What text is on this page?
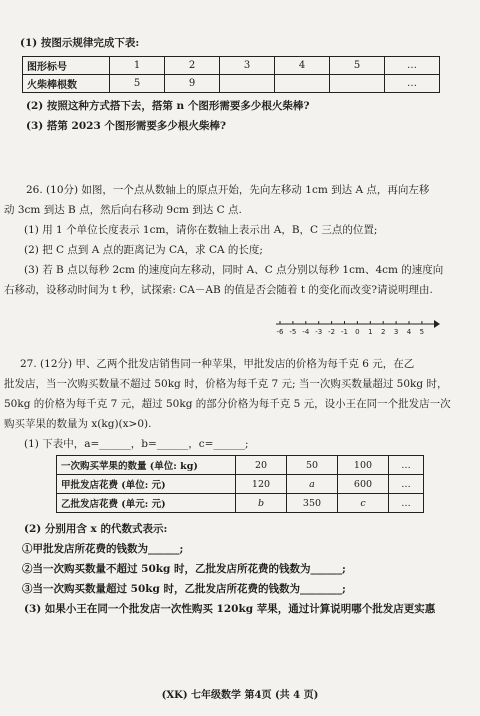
(1) 按图示规律完成下表:
图形标号	1	2	3	4	5	…
火柴棒根数	5	9				…
(2) 按照这种方式搭下去，搭第 n 个图形需要多少根火柴棒?
(3) 搭第 2023 个图形需要多少根火柴棒?
26. (10分) 如图，一个点从数轴上的原点开始，先向左移动 1cm 到达 A 点，再向左移
动 3cm 到达 B 点，然后向右移动 9cm 到达 C 点.
(1) 用 1 个单位长度表示 1cm，请你在数轴上表示出 A，B，C 三点的位置;
(2) 把 C 点到 A 点的距离记为 CA，求 CA 的长度;
(3) 若 B 点以每秒 2cm 的速度向左移动，同时 A、C 点分别以每秒 1cm、4cm 的速度向
右移动，设移动时间为 t 秒，试探索: CA－AB 的值是否会随着 t 的变化而改变?请说明理由.
-6 -5 -4 -3 -2 -1 0 1 2 3 4 5
27. (12分) 甲、乙两个批发店销售同一种苹果，甲批发店的价格为每千克 6 元，在乙
批发店，当一次购买数量不超过 50kg 时，价格为每千克 7 元; 当一次购买数量超过 50kg 时，
50kg 的价格为每千克 7 元，超过 50kg 的部分价格为每千克 5 元，设小王在同一个批发店一次
购买苹果的数量为 x(kg)(x>0).
(1) 下表中，a=______，b=______，c=______;
一次购买苹果的数量 (单位: kg)	20	50	100	…
甲批发店花费 (单位: 元)	120	a	600	…
乙批发店花费 (单元: 元)	b	350	c	…
(2) 分别用含 x 的代数式表示:
①甲批发店所花费的钱数为______;
②当一次购买数量不超过 50kg 时，乙批发店所花费的钱数为______;
③当一次购买数量超过 50kg 时，乙批发店所花费的钱数为________;
(3) 如果小王在同一个批发店一次性购买 120kg 苹果，通过计算说明哪个批发店更实惠
(XK) 七年级数学 第4页 (共 4 页)
